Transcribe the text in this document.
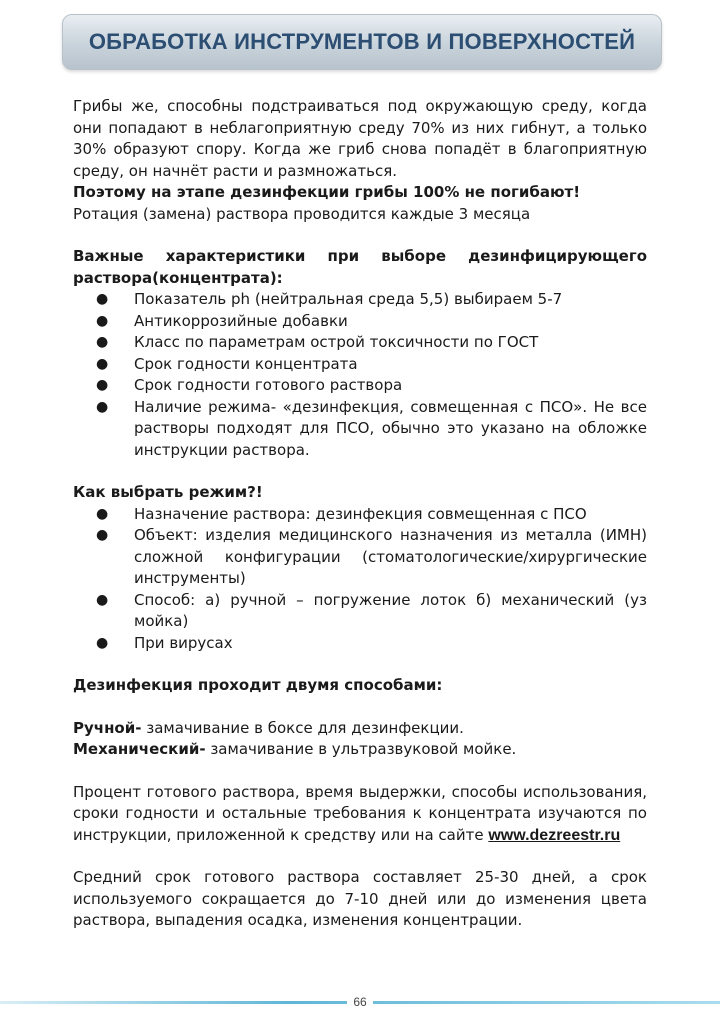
ОБРАБОТКА ИНСТРУМЕНТОВ И ПОВЕРХНОСТЕЙ

Грибы же, способны подстраиваться под окружающую среду, когда они попадают в неблагоприятную среду 70% из них гибнут, а только 30% образуют спору. Когда же гриб снова попадёт в благоприятную среду, он начнёт расти и размножаться.

Поэтому на этапе дезинфекции грибы 100% не погибают!

Ротация (замена) раствора проводится каждые 3 месяца

Важные характеристики при выборе дезинфицирующего раствора(концентрата):

● Показатель ph (нейтральная среда 5,5) выбираем 5-7
● Антикоррозийные добавки
● Класс по параметрам острой токсичности по ГОСТ
● Срок годности концентрата
● Срок годности готового раствора
● Наличие режима- «дезинфекция, совмещенная с ПСО». Не все растворы подходят для ПСО, обычно это указано на обложке инструкции раствора.

Как выбрать режим?!

● Назначение раствора: дезинфекция совмещенная с ПСО
● Объект: изделия медицинского назначения из металла (ИМН) сложной конфигурации (стоматологические/хирургические инструменты)
● Способ: а) ручной – погружение лоток б) механический (уз мойка)
● При вирусах

Дезинфекция проходит двумя способами:

Ручной- замачивание в боксе для дезинфекции.

Механический- замачивание в ультразвуковой мойке.

Процент готового раствора, время выдержки, способы использования, сроки годности и остальные требования к концентрата изучаются по инструкции, приложенной к средству или на сайте www.dezreestr.ru

Средний срок готового раствора составляет 25-30 дней, а срок используемого сокращается до 7-10 дней или до изменения цвета раствора, выпадения осадка, изменения концентрации.

66
